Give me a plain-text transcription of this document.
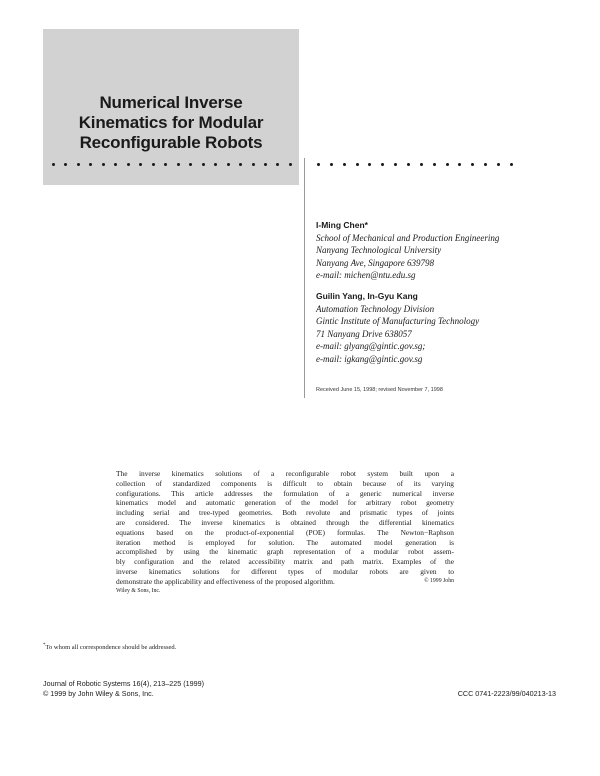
Numerical Inverse
Kinematics for Modular
Reconfigurable Robots
I-Ming Chen*
School of Mechanical and Production Engineering
Nanyang Technological University
Nanyang Ave, Singapore 639798
e-mail: michen@ntu.edu.sg
Guilin Yang, In-Gyu Kang
Automation Technology Division
Gintic Institute of Manufacturing Technology
71 Nanyang Drive 638057
e-mail: glyang@gintic.gov.sg;
e-mail: igkang@gintic.gov.sg
Received June 15, 1998; revised November 7, 1998
The inverse kinematics solutions of a reconfigurable robot system built upon a
collection of standardized components is difficult to obtain because of its varying
configurations. This article addresses the formulation of a generic numerical inverse
kinematics model and automatic generation of the model for arbitrary robot geometry
including serial and tree-typed geometries. Both revolute and prismatic types of joints
are considered. The inverse kinematics is obtained through the differential kinematics
equations based on the product-of-exponential (POE) formulas. The Newton−Raphson
iteration method is employed for solution. The automated model generation is
accomplished by using the kinematic graph representation of a modular robot assem-
bly configuration and the related accessibility matrix and path matrix. Examples of the
inverse kinematics solutions for different types of modular robots are given to
demonstrate the applicability and effectiveness of the proposed algorithm.	© 1999 John
Wiley & Sons, Inc.
*To whom all correspondence should be addressed.
Journal of Robotic Systems 16(4), 213–225 (1999)
© 1999 by John Wiley & Sons, Inc.	CCC 0741-2223/99/040213-13
